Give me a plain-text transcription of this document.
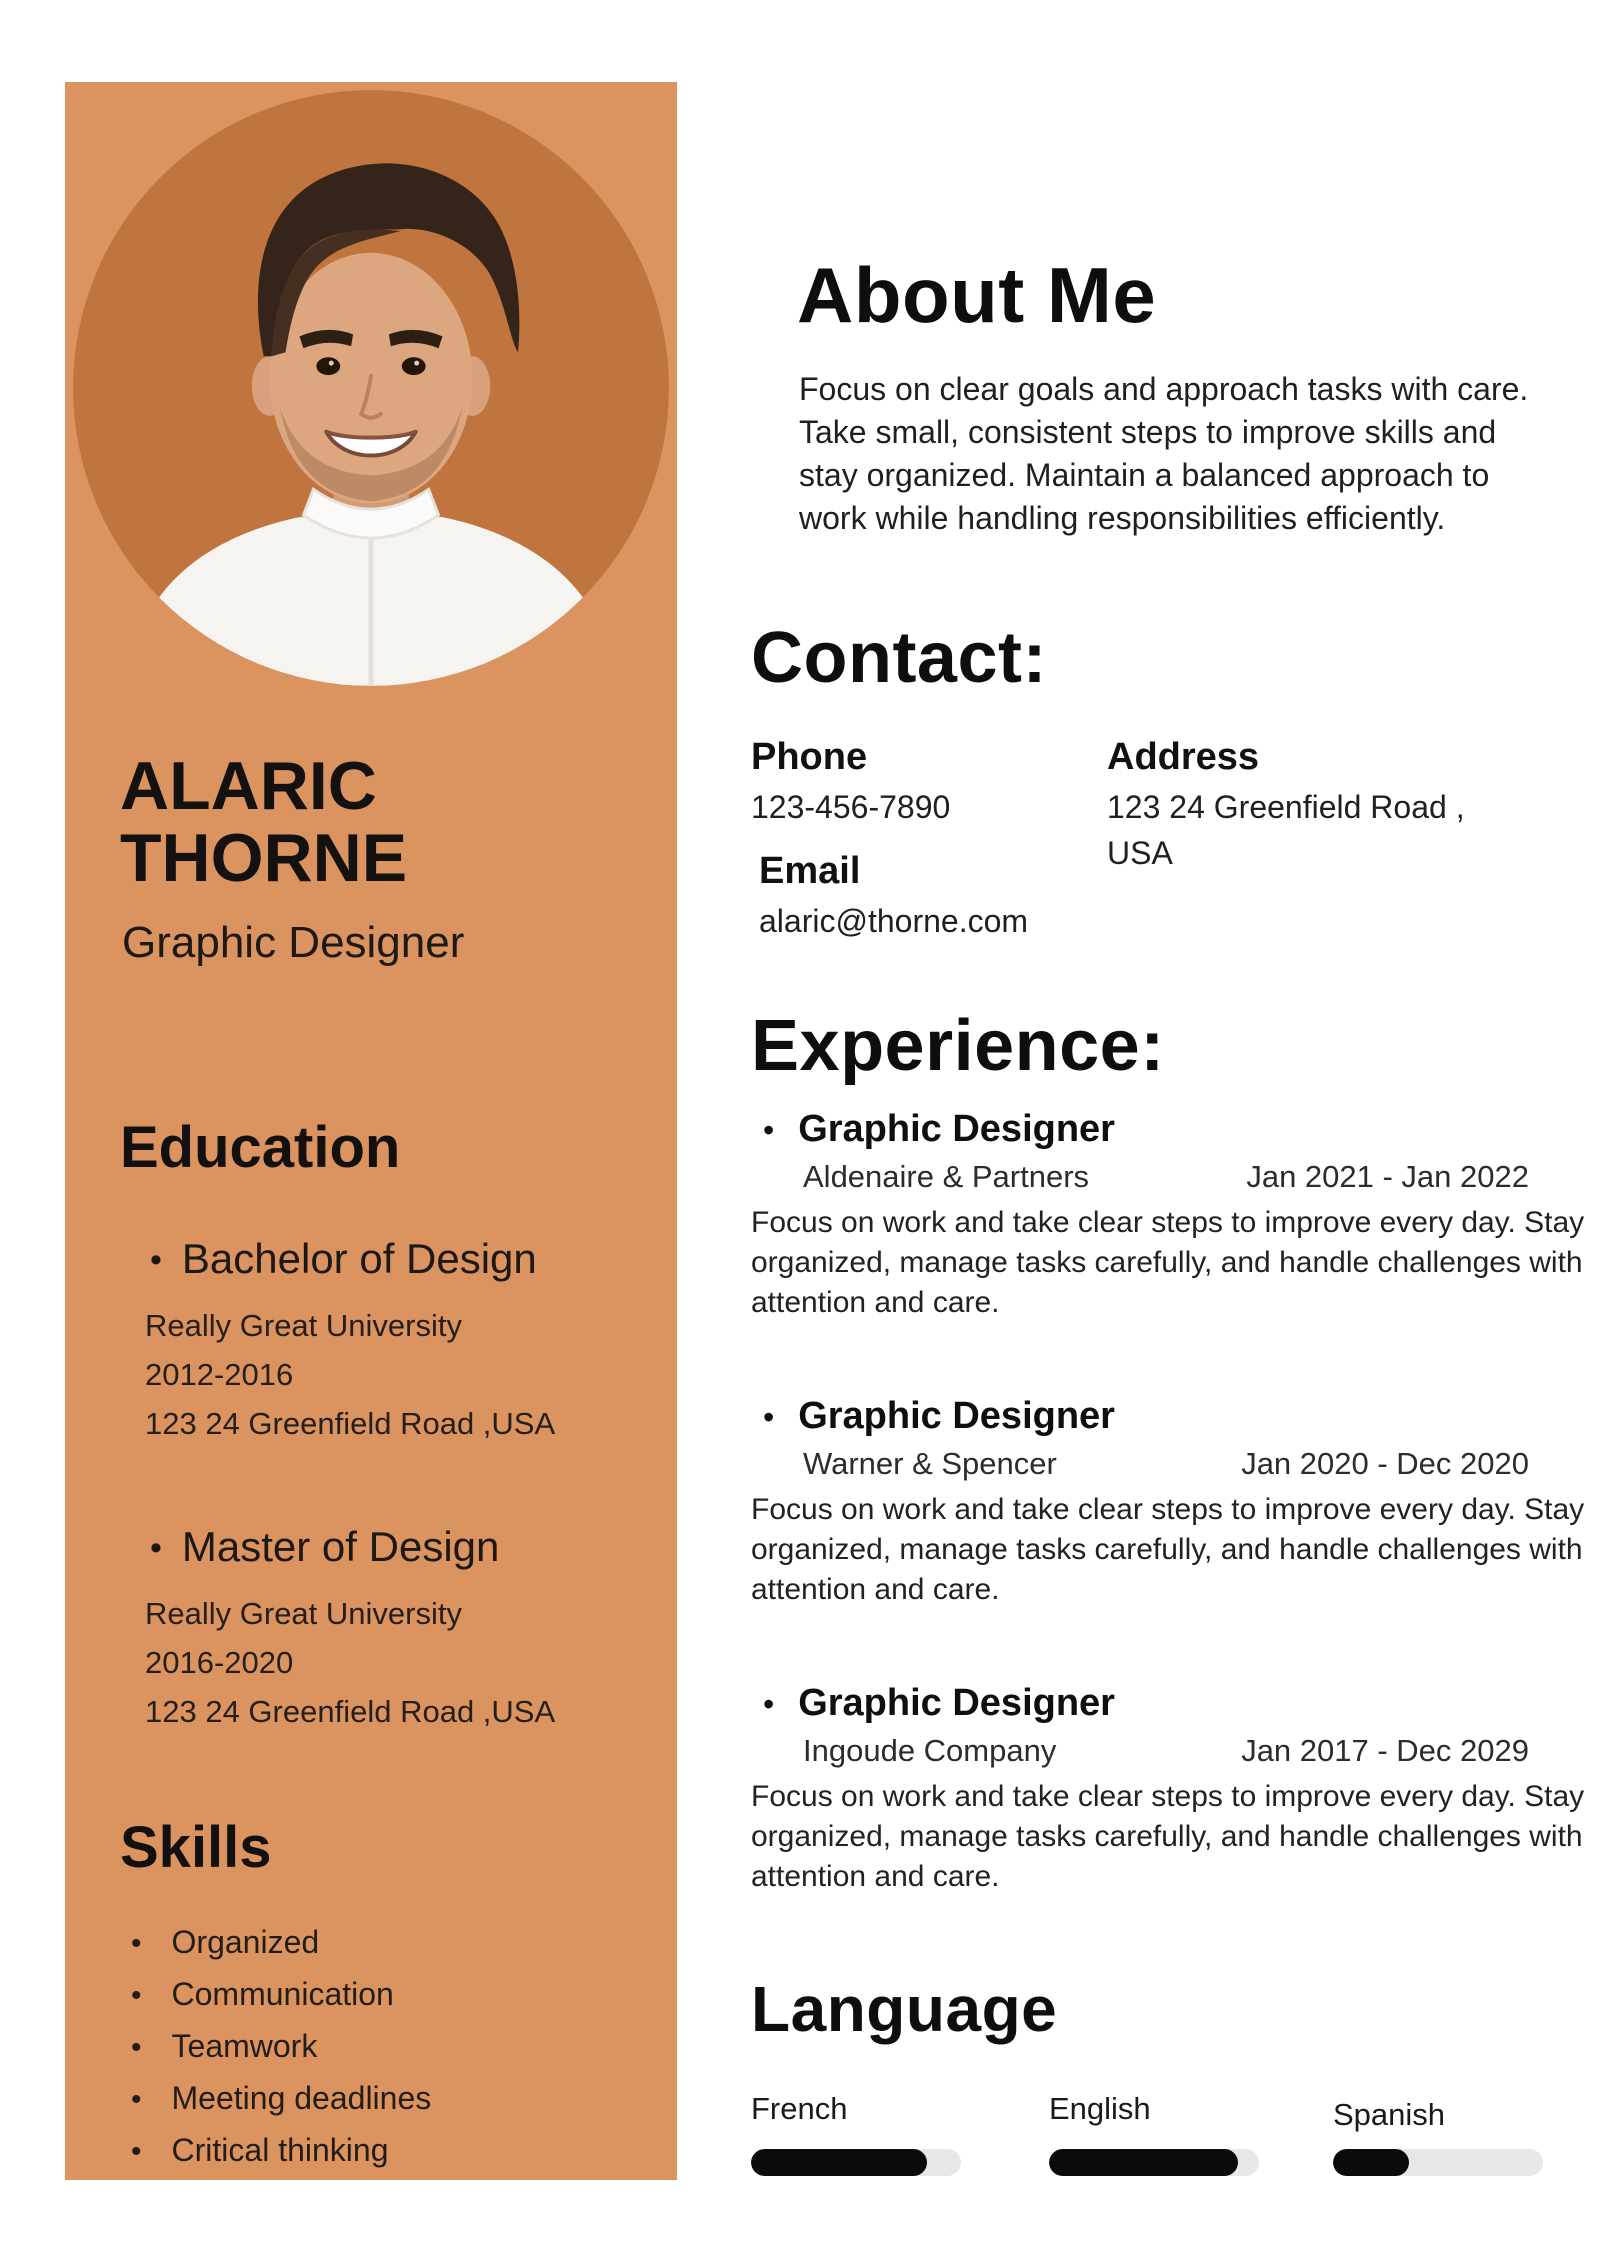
ALARIC
THORNE
Graphic Designer
Education
• Bachelor of Design
Really Great University
2012-2016
123 24 Greenfield Road ,USA
• Master of Design
Really Great University
2016-2020
123 24 Greenfield Road ,USA
Skills
• Organized
• Communication
• Teamwork
• Meeting deadlines
• Critical thinking
About Me

Focus on clear goals and approach tasks with care. Take small, consistent steps to improve skills and stay organized. Maintain a balanced approach to work while handling responsibilities efficiently.

Contact:
Phone
123-456-7890
Email
alaric@thorne.com
Address
123 24 Greenfield Road ,
USA
Experience:
• Graphic Designer
Aldenaire & Partners	Jan 2021 - Jan 2022

Focus on work and take clear steps to improve every day. Stay organized, manage tasks carefully, and handle challenges with attention and care.

• Graphic Designer
Warner & Spencer	Jan 2020 - Dec 2020

Focus on work and take clear steps to improve every day. Stay organized, manage tasks carefully, and handle challenges with attention and care.

• Graphic Designer
Ingoude Company	Jan 2017 - Dec 2029

Focus on work and take clear steps to improve every day. Stay organized, manage tasks carefully, and handle challenges with attention and care.

Language
French	English	Spanish
